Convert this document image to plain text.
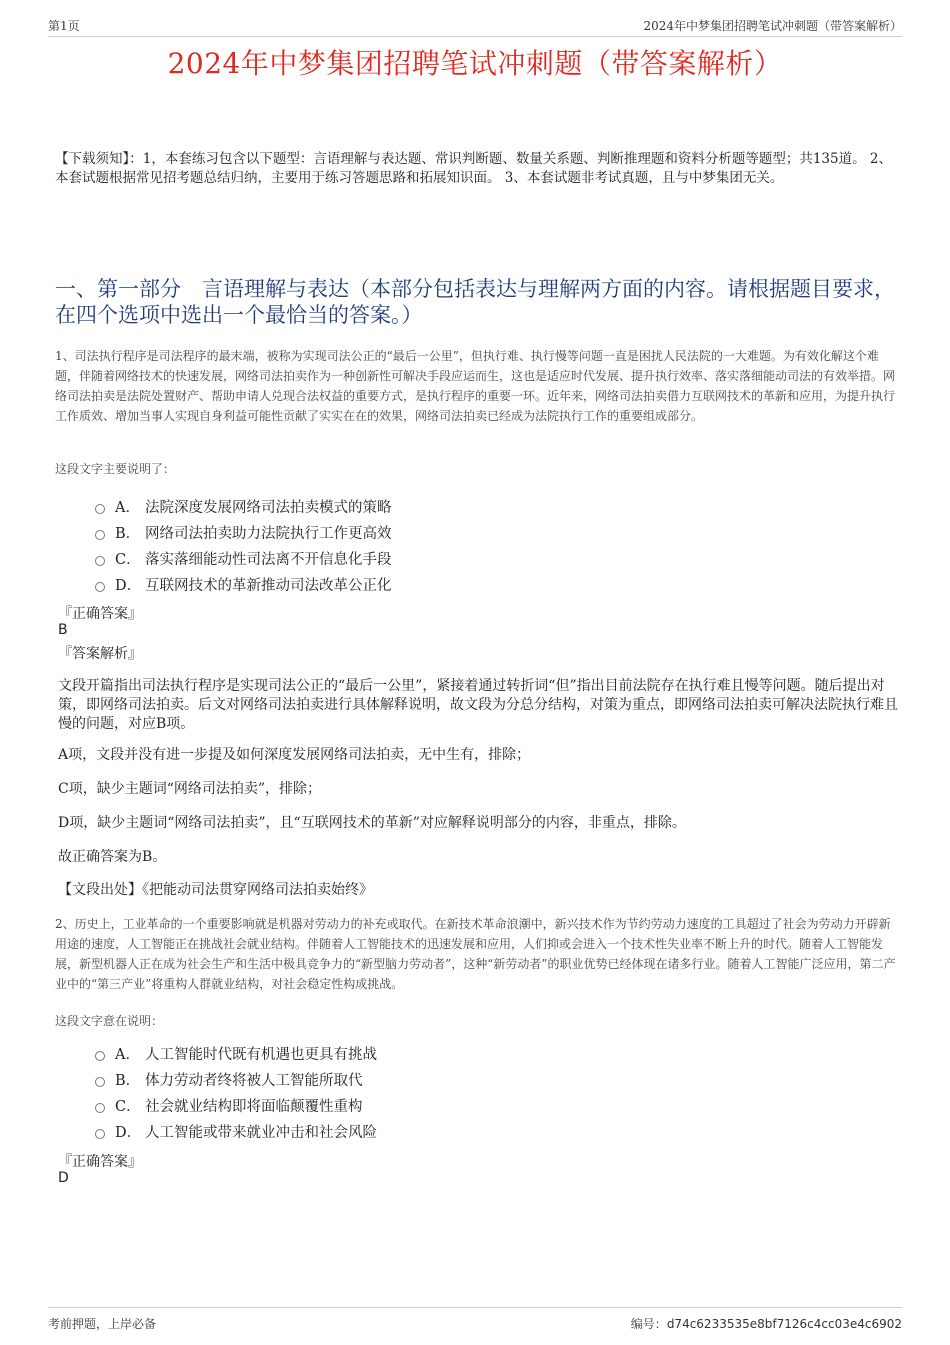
第1页	2024年中梦集团招聘笔试冲刺题（带答案解析）
2024年中梦集团招聘笔试冲刺题（带答案解析）
【下载须知】：1，本套练习包含以下题型：言语理解与表达题、常识判断题、数量关系题、判断推理题和资料分析题等题型；共135道。 2、本套试题根据常见招考题总结归纳，主要用于练习答题思路和拓展知识面。 3、本套试题非考试真题，且与中梦集团无关。
一、第一部分　言语理解与表达（本部分包括表达与理解两方面的内容。请根据题目要求，在四个选项中选出一个最恰当的答案。）
1、司法执行程序是司法程序的最末端，被称为实现司法公正的“最后一公里”，但执行难、执行慢等问题一直是困扰人民法院的一大难题。为有效化解这个难题，伴随着网络技术的快速发展，网络司法拍卖作为一种创新性可解决手段应运而生，这也是适应时代发展、提升执行效率、落实落细能动司法的有效举措。网络司法拍卖是法院处置财产、帮助申请人兑现合法权益的重要方式，是执行程序的重要一环。近年来，网络司法拍卖借力互联网技术的革新和应用，为提升执行工作质效、增加当事人实现自身利益可能性贡献了实实在在的效果，网络司法拍卖已经成为法院执行工作的重要组成部分。
这段文字主要说明了：
A． 法院深度发展网络司法拍卖模式的策略
B． 网络司法拍卖助力法院执行工作更高效
C． 落实落细能动性司法离不开信息化手段
D． 互联网技术的革新推动司法改革公正化
『正确答案』
B
『答案解析』
文段开篇指出司法执行程序是实现司法公正的“最后一公里”，紧接着通过转折词“但”指出目前法院存在执行难且慢等问题。随后提出对策，即网络司法拍卖。后文对网络司法拍卖进行具体解释说明，故文段为分总分结构，对策为重点，即网络司法拍卖可解决法院执行难且慢的问题，对应B项。
A项，文段并没有进一步提及如何深度发展网络司法拍卖，无中生有，排除；
C项，缺少主题词“网络司法拍卖”，排除；
D项，缺少主题词“网络司法拍卖”，且“互联网技术的革新”对应解释说明部分的内容，非重点，排除。
故正确答案为B。
【文段出处】《把能动司法贯穿网络司法拍卖始终》
2、历史上，工业革命的一个重要影响就是机器对劳动力的补充或取代。在新技术革命浪潮中，新兴技术作为节约劳动力速度的工具超过了社会为劳动力开辟新用途的速度，人工智能正在挑战社会就业结构。伴随着人工智能技术的迅速发展和应用，人们抑或会进入一个技术性失业率不断上升的时代。随着人工智能发展，新型机器人正在成为社会生产和生活中极具竞争力的“新型脑力劳动者”，这种“新劳动者”的职业优势已经体现在诸多行业。随着人工智能广泛应用，第二产业中的“第三产业”将重构人群就业结构，对社会稳定性构成挑战。
这段文字意在说明：
A． 人工智能时代既有机遇也更具有挑战
B． 体力劳动者终将被人工智能所取代
C． 社会就业结构即将面临颠覆性重构
D． 人工智能或带来就业冲击和社会风险
『正确答案』
D
考前押题，上岸必备	编号：d74c6233535e8bf7126c4cc03e4c6902
